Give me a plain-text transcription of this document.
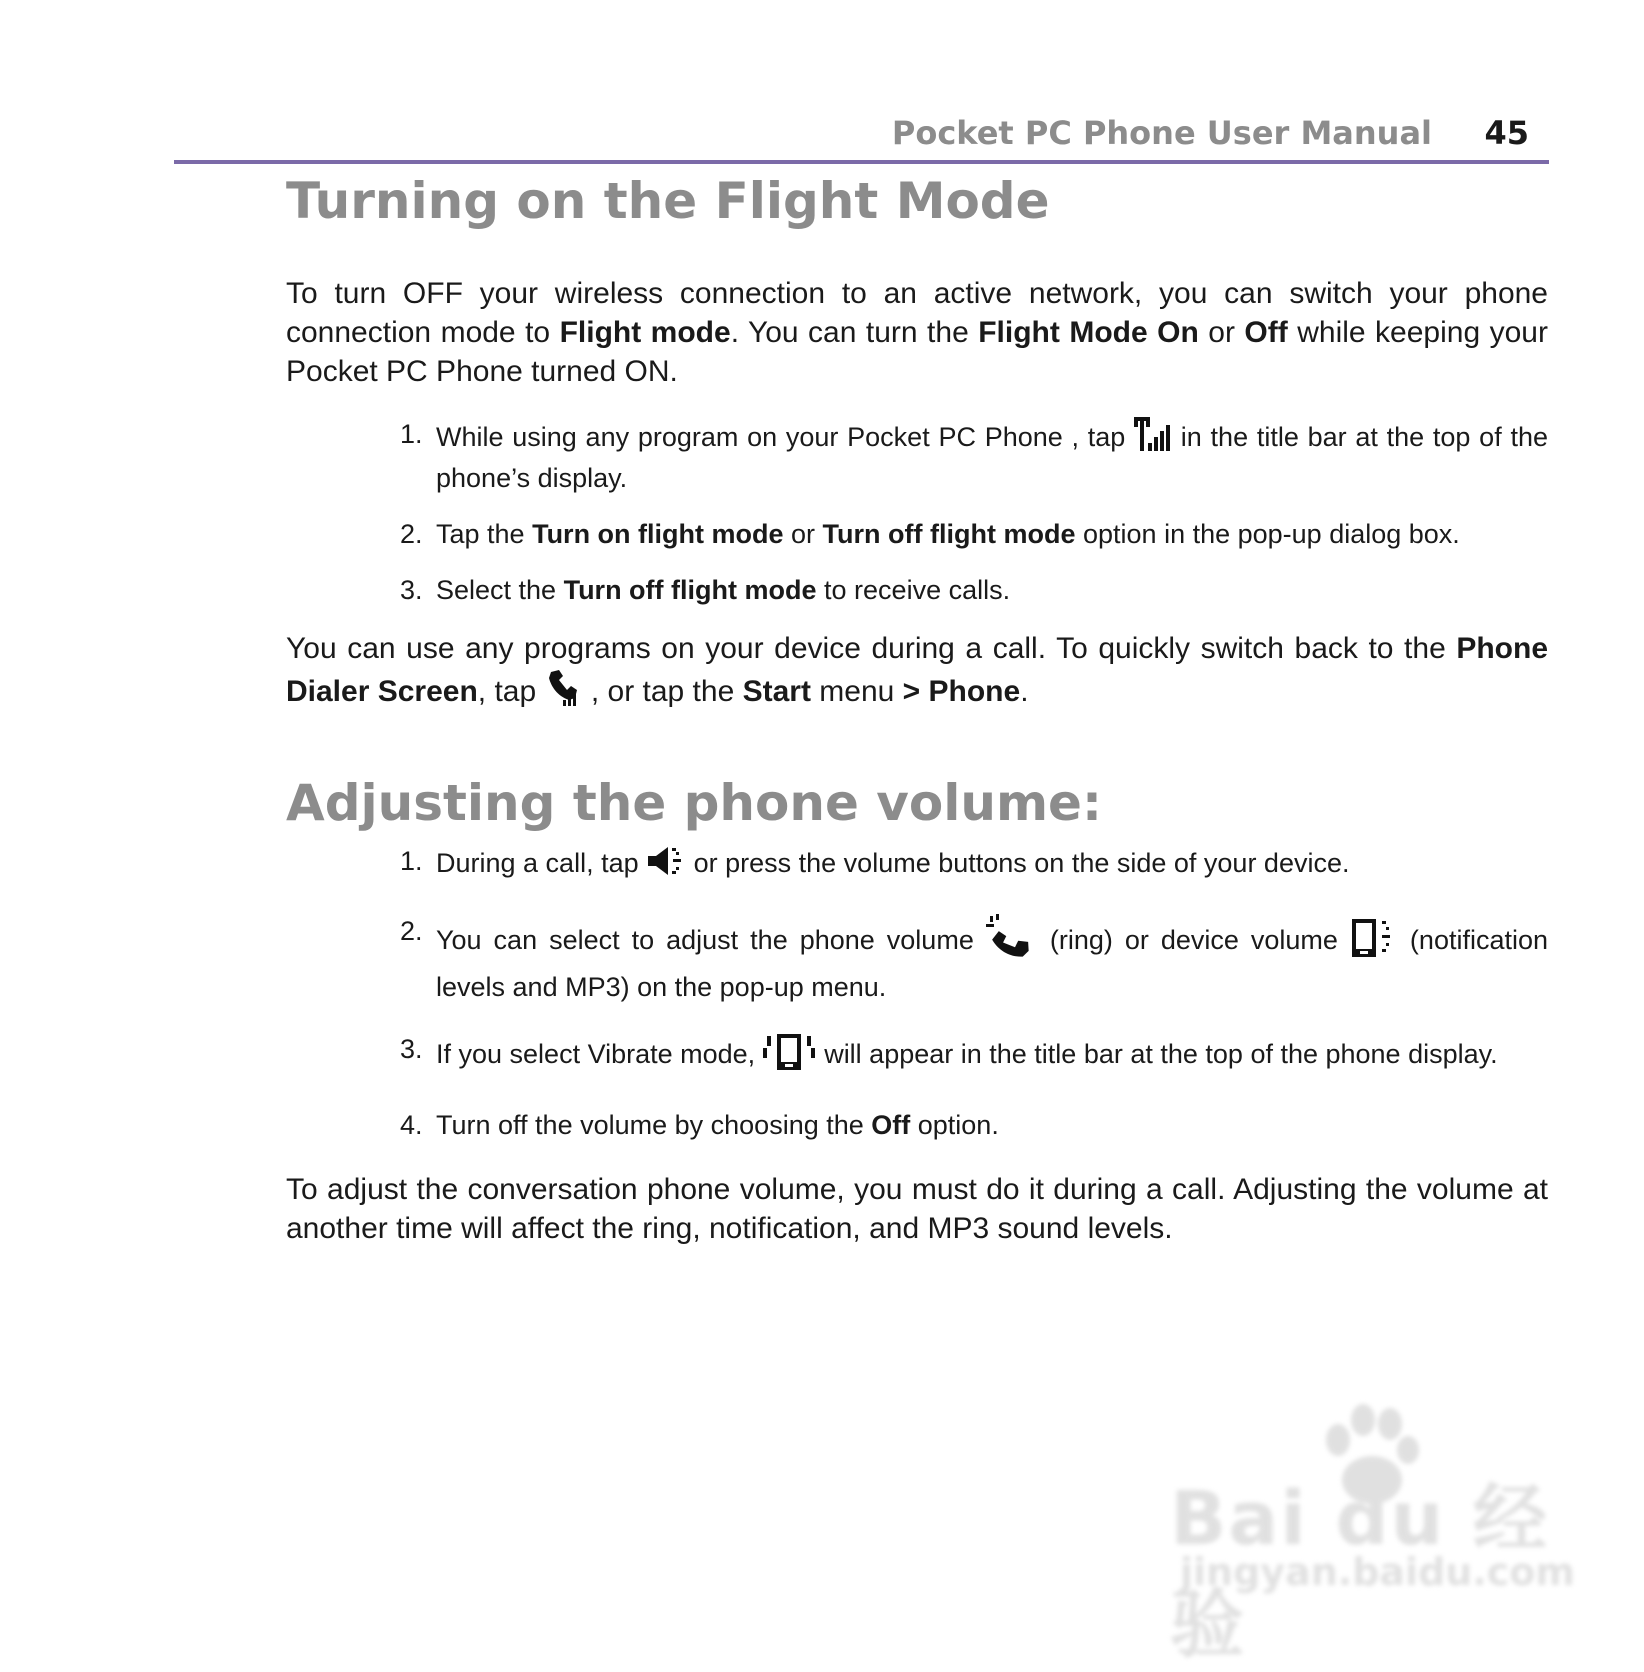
Pocket PC Phone User Manual 45
Turning on the Flight Mode

To turn OFF your wireless connection to an active network, you can switch your phone connection mode to Flight mode. You can turn the Flight Mode On or Off while keeping your Pocket PC Phone turned ON.

1. While using any program on your Pocket PC Phone , tap  in the title bar at the top of the phone’s display.
2. Tap the Turn on flight mode or Turn off flight mode option in the pop-up dialog box.
3. Select the Turn off flight mode to receive calls.

You can use any programs on your device during a call. To quickly switch back to the Phone Dialer Screen, tap  , or tap the Start menu > Phone.

Adjusting the phone volume:
1. During a call, tap  or press the volume buttons on the side of your device.
2. You can select to adjust the phone volume  (ring) or device volume  (notification levels and MP3) on the pop-up menu.
3. If you select Vibrate mode,  will appear in the title bar at the top of the phone display.
4. Turn off the volume by choosing the Off option.

To adjust the conversation phone volume, you must do it during a call. Adjusting the volume at another time will affect the ring, notification, and MP3 sound levels.

Bai du 经验
jingyan.baidu.com
